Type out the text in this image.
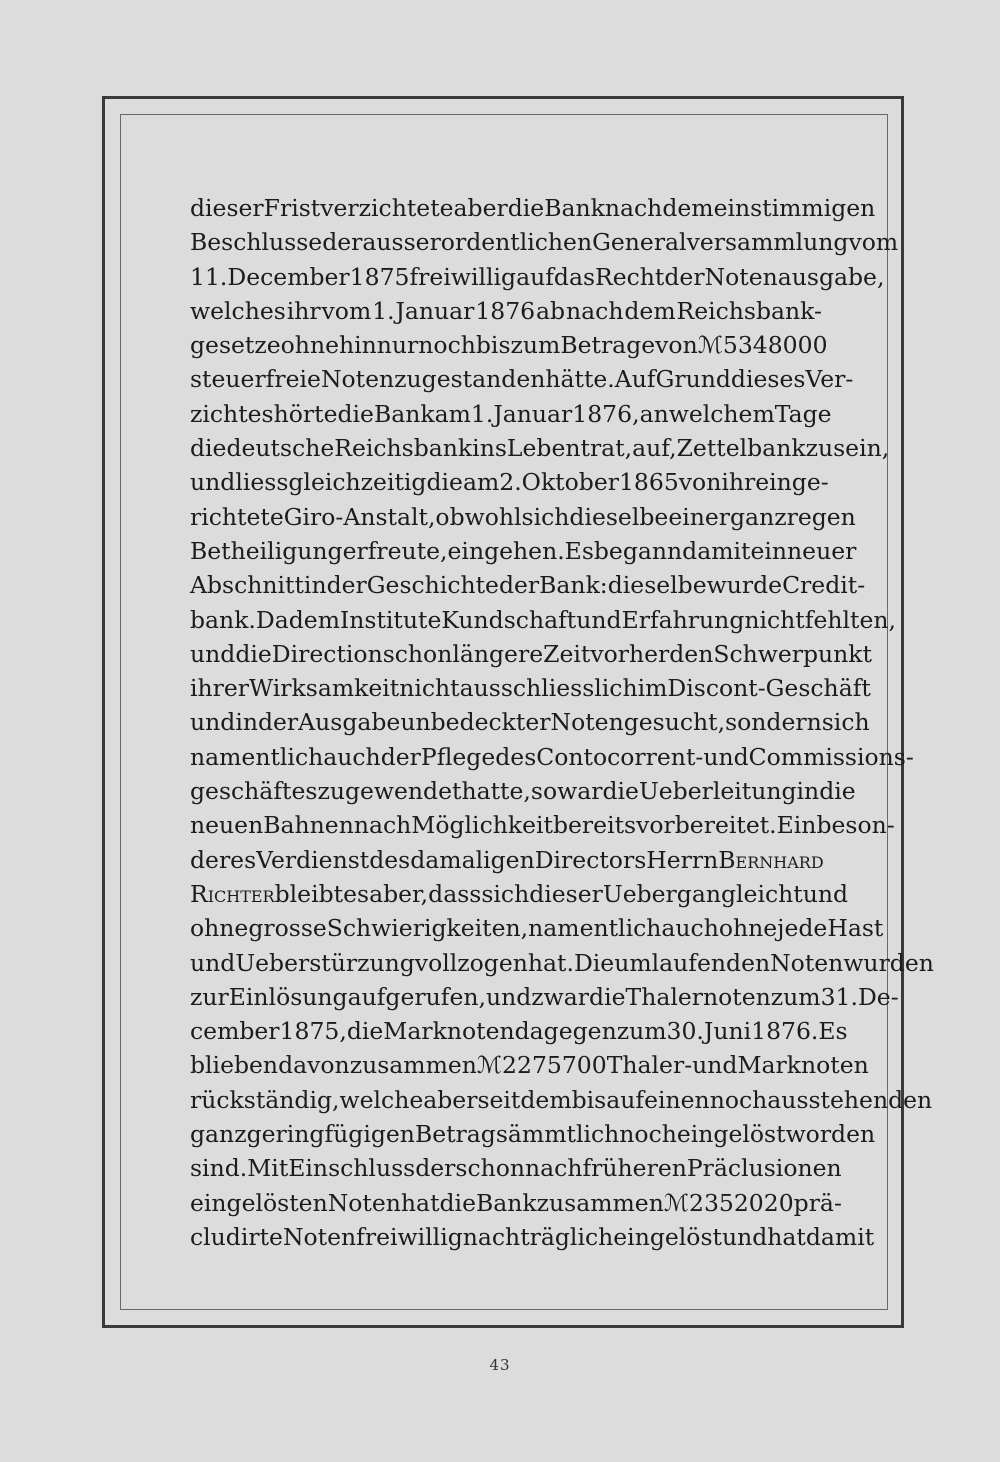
dieser Frist verzichtete aber die Bank nach dem einstimmigen
Beschlusse der ausserordentlichen Generalversammlung vom
11. December 1875 freiwillig auf das Recht der Notenausgabe,
welches ihr vom 1. Januar 1876 ab nach dem Reichsbank-
gesetze ohnehin nur noch bis zum Betrage von ℳ 5 348 000
steuerfreie Noten zugestanden hätte. Auf Grund dieses Ver-
zichtes hörte die Bank am 1. Januar 1876, an welchem Tage
die deutsche Reichsbank ins Leben trat, auf, Zettelbank zu sein,
und liess gleichzeitig die am 2. Oktober 1865 von ihr einge-
richtete Giro-Anstalt, obwohl sich dieselbe einer ganz regen
Betheiligung erfreute, eingehen. Es begann damit ein neuer
Abschnitt in der Geschichte der Bank: dieselbe wurde Credit-
bank. Da dem Institute Kundschaft und Erfahrung nicht fehlten,
und die Direction schon längere Zeit vorher den Schwerpunkt
ihrer Wirksamkeit nicht ausschliesslich im Discont-Geschäft
und in der Ausgabe unbedeckter Noten gesucht, sondern sich
namentlich auch der Pflege des Contocorrent- und Commissions-
geschäftes zugewendet hatte, so war die Ueberleitung in die
neuen Bahnen nach Möglichkeit bereits vorbereitet. Ein beson-
deres Verdienst des damaligen Directors Herrn Bernhard
Richter bleibt es aber, dass sich dieser Uebergang leicht und
ohne grosse Schwierigkeiten, namentlich auch ohne jede Hast
und Ueberstürzung vollzogen hat. Die umlaufenden Noten wurden
zur Einlösung aufgerufen, und zwar die Thalernoten zum 31. De-
cember 1875, die Marknoten dagegen zum 30. Juni 1876. Es
blieben davon zusammen ℳ 2 275 700 Thaler- und Marknoten
rückständig, welche aber seitdem bis auf einen noch ausstehenden
ganz geringfügigen Betrag sämmtlich noch eingelöst worden
sind. Mit Einschluss der schon nach früheren Präclusionen
eingelösten Noten hat die Bank zusammen ℳ 2 352 020 prä-
cludirte Noten freiwillig nachträglich eingelöst und hat damit
43
